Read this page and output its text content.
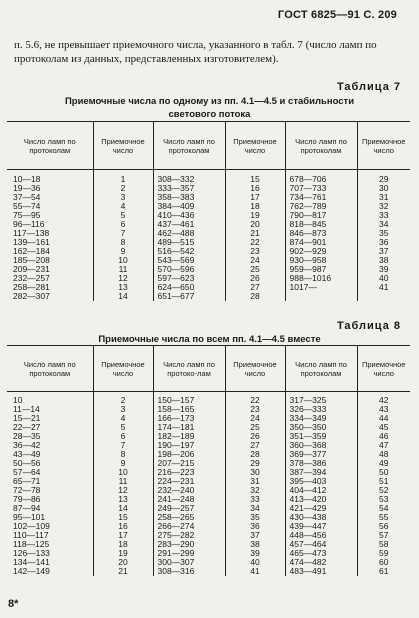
ГОСТ 6825—91 С. 209
п. 5.6, не превышает приемочного числа, указанного в табл. 7 (число ламп по протоколам из данных, представленных изготовителем).
Таблица 7
Приемочные числа по одному из пп. 4.1—4.5 и стабильности
светового потока
Число ламп по протоколам	Приемочное число	Число ламп по протоколам	Приемочное число	Число ламп по протоколам	Приемочное число
10—18	1	308—332	15	678—706	29
19—36	2	333—357	16	707—733	30
37—54	3	358—383	17	734—761	31
55—74	4	384—409	18	762—789	32
75—95	5	410—436	19	790—817	33
96—116	6	437—461	20	818—845	34
117—138	7	462—488	21	846—873	35
139—161	8	489—515	22	874—901	36
162—184	9	516—542	23	902—929	37
185—208	10	543—569	24	930—958	38
209—231	11	570—596	25	959—987	39
232—257	12	597—623	26	988—1016	40
258—281	13	624—650	27	1017—	41
282—307	14	651—677	28		
Таблица 8
Приемочные числа по всем пп. 4.1—4.5 вместе
Число ламп по протоколам	Приемочное число	Число ламп по протоко-лам	Приемочное число	Число ламп по протоколам	Приемочное число
10	2	150—157	22	317—325	42
11—14	3	158—165	23	326—333	43
15—21	4	166—173	24	334—349	44
22—27	5	174—181	25	350—350	45
28—35	6	182—189	26	351—359	46
36—42	7	190—197	27	360—368	47
43—49	8	198—206	28	369—377	48
50—56	9	207—215	29	378—386	49
57—64	10	216—223	30	387—394	50
65—71	11	224—231	31	395—403	51
72—78	12	232—240	32	404—412	52
79—86	13	241—248	33	413—420	53
87—94	14	249—257	34	421—429	54
95—101	15	258—265	35	430—438	55
102—109	16	266—274	36	439—447	56
110—117	17	275—282	37	448—456	57
118—125	18	283—290	38	457—464	58
126—133	19	291—299	39	465—473	59
134—141	20	300—307	40	474—482	60
142—149	21	308—316	41	483—491	61
8*
